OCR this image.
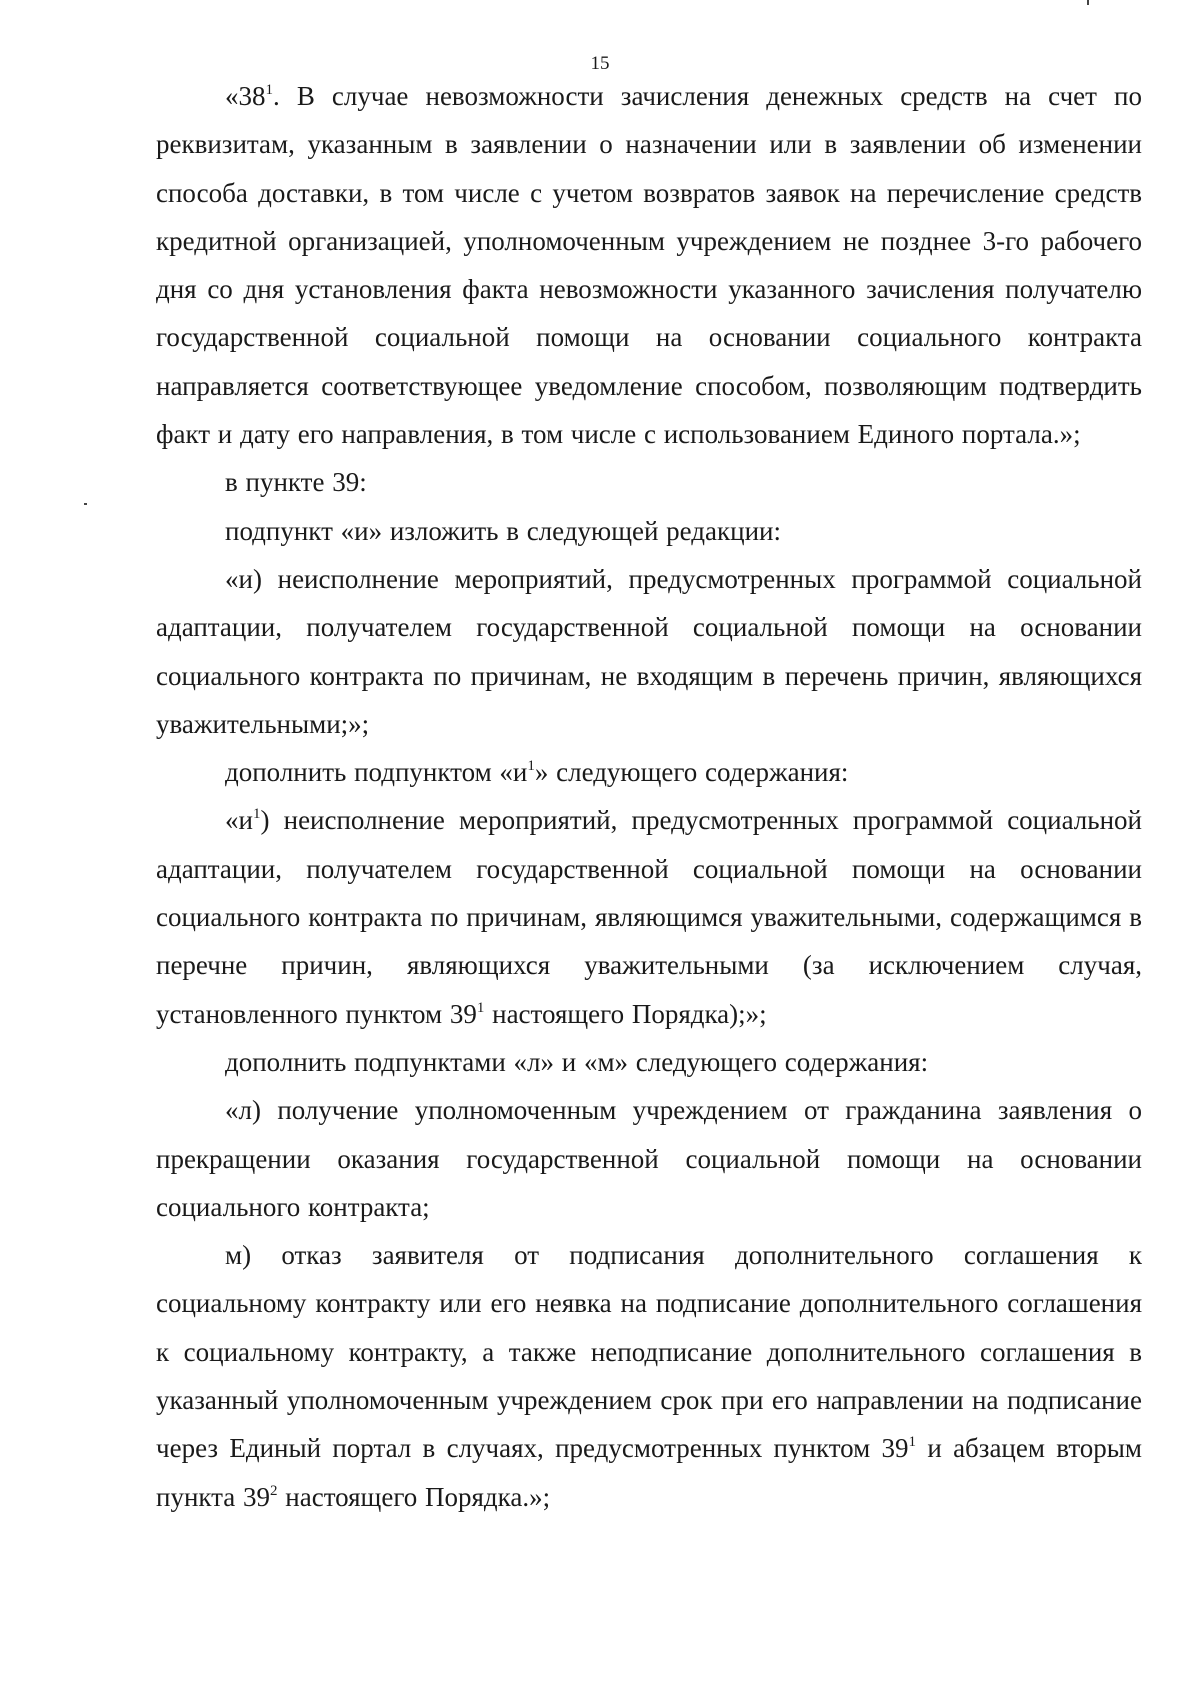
15

«$38^1$. В случае невозможности зачисления денежных средств на счет по реквизитам, указанным в заявлении о назначении или в заявлении об изменении способа доставки, в том числе с учетом возвратов заявок на перечисление средств кредитной организацией, уполномоченным учреждением не позднее 3-го рабочего дня со дня установления факта невозможности указанного зачисления получателю государственной социальной помощи на основании социального контракта направляется соответствующее уведомление способом, позволяющим подтвердить факт и дату его направления, в том числе с использованием Единого портала.»;

в пункте 39:

подпункт «и» изложить в следующей редакции:

«и) неисполнение мероприятий, предусмотренных программой социальной адаптации, получателем государственной социальной помощи на основании социального контракта по причинам, не входящим в перечень причин, являющихся уважительными;»;

дополнить подпунктом «$и^1$» следующего содержания:

«$и^1$) неисполнение мероприятий, предусмотренных программой социальной адаптации, получателем государственной социальной помощи на основании социального контракта по причинам, являющимся уважительными, содержащимся в перечне причин, являющихся уважительными (за исключением случая, установленного пунктом $39^1$ настоящего Порядка);»;

дополнить подпунктами «л» и «м» следующего содержания:

«л) получение уполномоченным учреждением от гражданина заявления о прекращении оказания государственной социальной помощи на основании социального контракта;

м) отказ заявителя от подписания дополнительного соглашения к социальному контракту или его неявка на подписание дополнительного соглашения к социальному контракту, а также неподписание дополнительного соглашения в указанный уполномоченным учреждением срок при его направлении на подписание через Единый портал в случаях, предусмотренных пунктом $39^1$ и абзацем вторым пункта $39^2$ настоящего Порядка.»;
